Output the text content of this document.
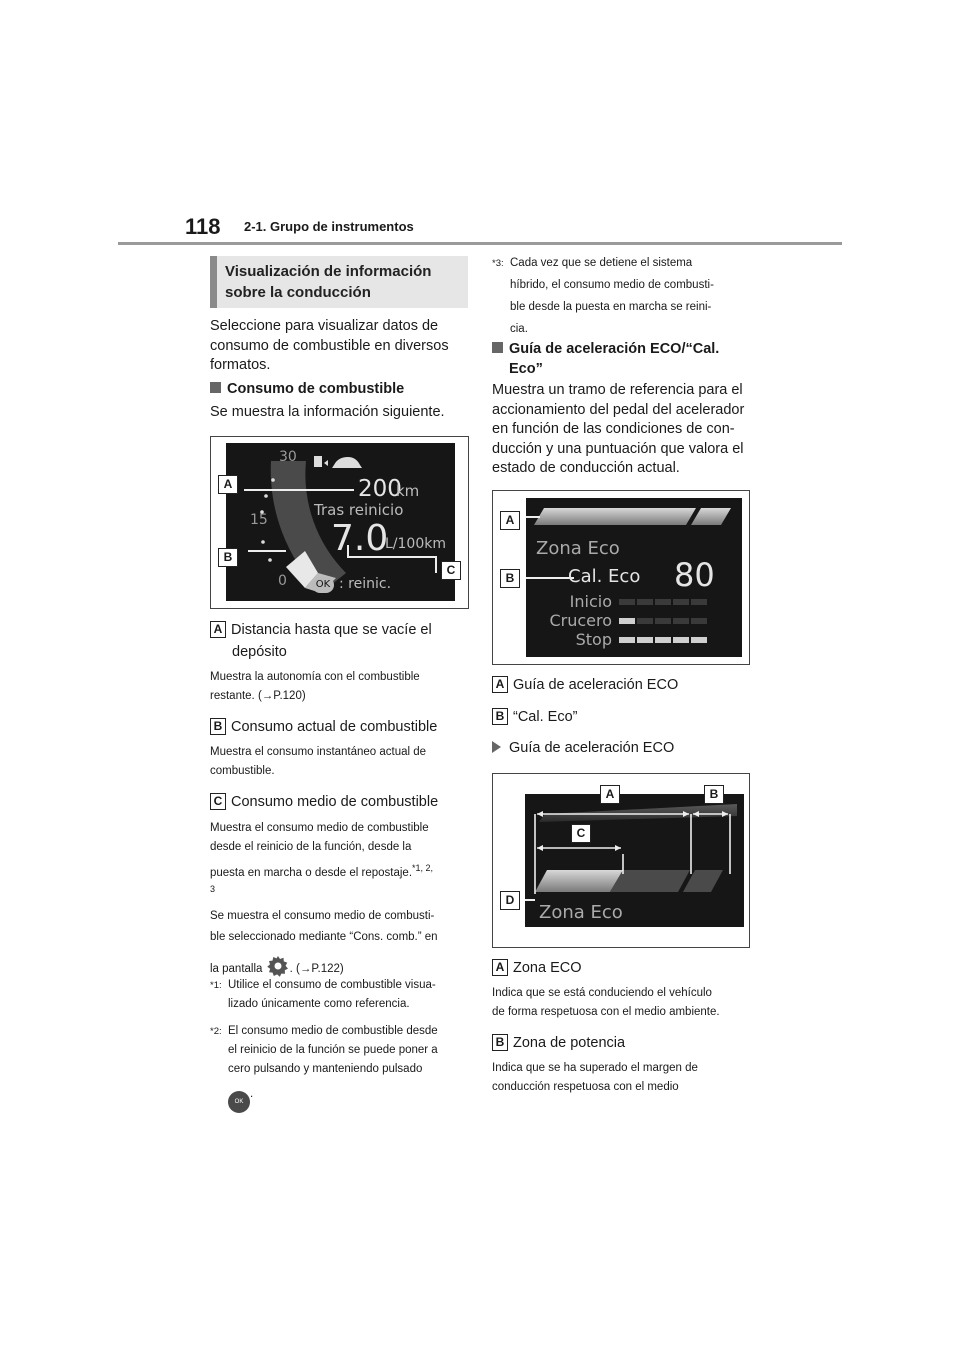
118 2-1. Grupo de instrumentos
Visualización de información
sobre la conducción
Seleccione para visualizar datos de
consumo de combustible en diversos
formatos.
Consumo de combustible
Se muestra la información siguiente.
30
15
0
200
km
Tras reinicio
7.0
L/100km
OK : reinic.
A
B
C
A Distancia hasta que se vacíe el
depósito
Muestra la autonomía con el combustible
restante. (→P.120)
B Consumo actual de combustible
Muestra el consumo instantáneo actual de
combustible.
C Consumo medio de combustible
Muestra el consumo medio de combustible
desde el reinicio de la función, desde la
puesta en marcha o desde el repostaje.$^{*1, 2,}$
3
Se muestra el consumo medio de combusti-
ble seleccionado mediante “Cons. comb.” en
la pantalla . (→P.122)
$^{*1:}$ Utilice el consumo de combustible visua-
lizado únicamente como referencia.
$^{*2:}$ El consumo medio de combustible desde
el reinicio de la función se puede poner a
cero pulsando y manteniendo pulsado
OK.
$^{*3:}$ Cada vez que se detiene el sistema
híbrido, el consumo medio de combusti-
ble desde la puesta en marcha se reini-
cia.
Guía de aceleración ECO/“Cal.
Eco”
Muestra un tramo de referencia para el
accionamiento del pedal del acelerador
en función de las condiciones de con-
ducción y una puntuación que valora el
estado de conducción actual.
Zona Eco
Cal. Eco 80
Inicio
Crucero
Stop
A
B
A Guía de aceleración ECO
B “Cal. Eco”
Guía de aceleración ECO
Zona Eco
A	B
C
D
A Zona ECO
Indica que se está conduciendo el vehículo
de forma respetuosa con el medio ambiente.
B Zona de potencia
Indica que se ha superado el margen de
conducción respetuosa con el medio
